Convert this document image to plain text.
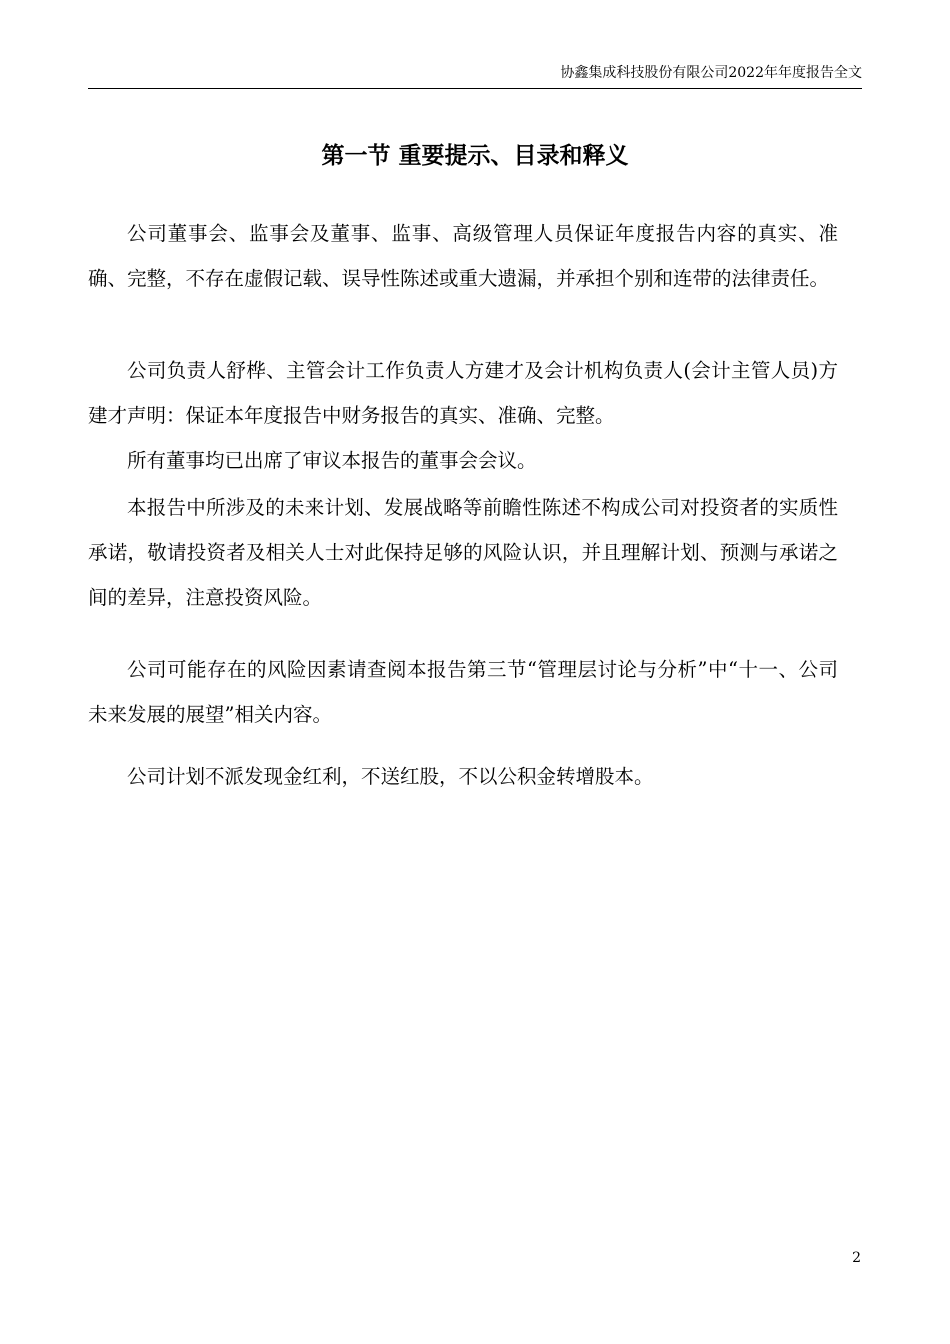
协鑫集成科技股份有限公司2022年年度报告全文
第一节 重要提示、目录和释义

公司董事会、监事会及董事、监事、高级管理人员保证年度报告内容的真实、准确、完整，不存在虚假记载、误导性陈述或重大遗漏，并承担个别和连带的法律责任。

公司负责人舒桦、主管会计工作负责人方建才及会计机构负责人(会计主管人员)方建才声明：保证本年度报告中财务报告的真实、准确、完整。

所有董事均已出席了审议本报告的董事会会议。

本报告中所涉及的未来计划、发展战略等前瞻性陈述不构成公司对投资者的实质性承诺，敬请投资者及相关人士对此保持足够的风险认识，并且理解计划、预测与承诺之间的差异，注意投资风险。

公司可能存在的风险因素请查阅本报告第三节“管理层讨论与分析”中“十一、公司未来发展的展望”相关内容。

公司计划不派发现金红利，不送红股，不以公积金转增股本。

2
